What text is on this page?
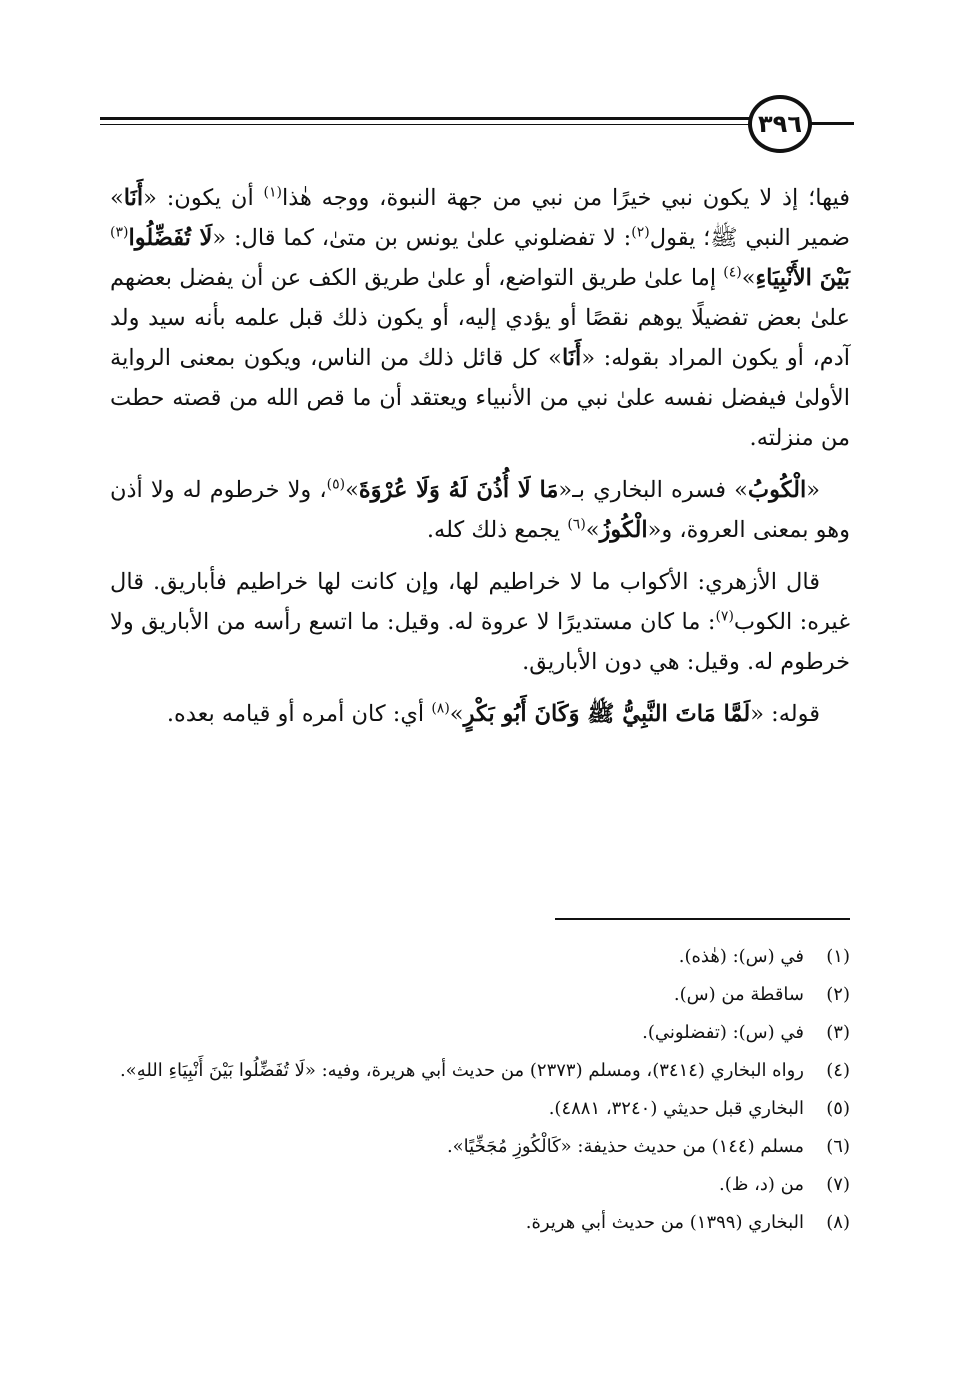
٣٩٦

فيها؛ إذ لا يكون نبي خيرًا من نبي من جهة النبوة، ووجه هٰذا$^{(١)}$ أن يكون: «أَنَا» ضمير النبي ﷺ؛ يقول$^{(٢)}$: لا تفضلوني علىٰ يونس بن متىٰ، كما قال: «لَا تُفَضِّلُوا$^{(٣)}$ بَيْنَ الأَنْبِيَاءِ»$^{(٤)}$ إما علىٰ طريق التواضع، أو علىٰ طريق الكف عن أن يفضل بعضهم علىٰ بعض تفضيلًا يوهم نقصًا أو يؤدي إليه، أو يكون ذلك قبل علمه بأنه سيد ولد آدم، أو يكون المراد بقوله: «أَنَا» كل قائل ذلك من الناس، ويكون بمعنى الرواية الأولىٰ فيفضل نفسه علىٰ نبي من الأنبياء ويعتقد أن ما قص الله من قصته حطت من منزلته.

«الْكُوبُ» فسره البخاري بـ«مَا لَا أُذُنَ لَهُ وَلَا عُرْوَةَ»$^{(٥)}$، ولا خرطوم له ولا أذن وهو بمعنى العروة، و«الْكُوزُ»$^{(٦)}$ يجمع ذلك كله.

قال الأزهري: الأكواب ما لا خراطيم لها، وإن كانت لها خراطيم فأباريق. قال غيره: الكوب$^{(٧)}$: ما كان مستديرًا لا عروة له. وقيل: ما اتسع رأسه من الأباريق ولا خرطوم له. وقيل: هي دون الأباريق.

قوله: «لَمَّا مَاتَ النَّبِيُّ ﷺ وَكَانَ أَبُو بَكْرٍ»$^{(٨)}$ أي: كان أمره أو قيامه بعده.

(١)
في (س): (هٰذه).
(٢)
ساقطة من (س).
(٣)
في (س): (تفضلوني).
(٤)
رواه البخاري (٣٤١٤)، ومسلم (٢٣٧٣) من حديث أبي هريرة، وفيه: «لَا تُفَضِّلُوا بَيْنَ أَنْبِيَاءِ اللهِ».
(٥)
البخاري قبل حديثي (٣٢٤٠، ٤٨٨١).
(٦)
مسلم (١٤٤) من حديث حذيفة: «كَالْكُوزِ مُجَخِّيًا».
(٧)
من (د، ظ).
(٨)
البخاري (١٣٩٩) من حديث أبي هريرة.
